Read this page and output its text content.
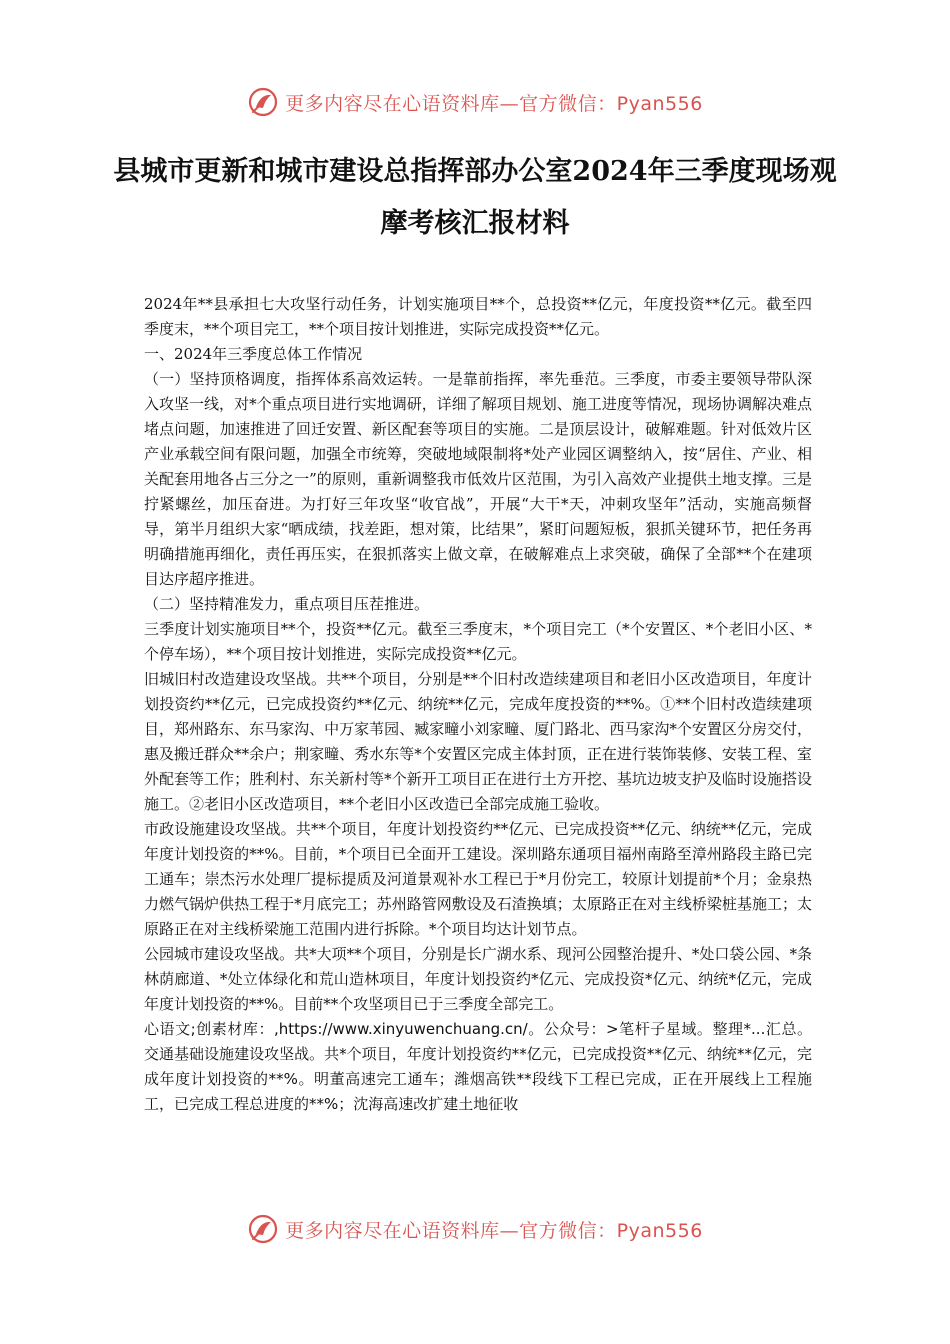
更多内容尽在心语资料库—官方微信：Pyan556
县城市更新和城市建设总指挥部办公室2024年三季度现场观摩考核汇报材料

2024年**县承担七大攻坚行动任务，计划实施项目**个，总投资**亿元，年度投资**亿元。截至四季度末，**个项目完工，**个项目按计划推进，实际完成投资**亿元。

一、2024年三季度总体工作情况

（一）坚持顶格调度，指挥体系高效运转。一是靠前指挥，率先垂范。三季度，市委主要领导带队深入攻坚一线，对*个重点项目进行实地调研，详细了解项目规划、施工进度等情况，现场协调解决难点堵点问题，加速推进了回迁安置、新区配套等项目的实施。二是顶层设计，破解难题。针对低效片区产业承载空间有限问题，加强全市统筹，突破地域限制将*处产业园区调整纳入，按“居住、产业、相关配套用地各占三分之一”的原则，重新调整我市低效片区范围，为引入高效产业提供土地支撑。三是拧紧螺丝，加压奋进。为打好三年攻坚“收官战”，开展“大干*天，冲刺攻坚年”活动，实施高频督导，第半月组织大家“晒成绩，找差距，想对策，比结果”，紧盯问题短板，狠抓关键环节，把任务再明确措施再细化，责任再压实，在狠抓落实上做文章，在破解难点上求突破，确保了全部**个在建项目达序超序推进。

（二）坚持精准发力，重点项目压茬推进。

三季度计划实施项目**个，投资**亿元。截至三季度末，*个项目完工（*个安置区、*个老旧小区、*个停车场），**个项目按计划推进，实际完成投资**亿元。

旧城旧村改造建设攻坚战。共**个项目，分别是**个旧村改造续建项目和老旧小区改造项目，年度计划投资约**亿元，已完成投资约**亿元、纳统**亿元，完成年度投资的**%。①**个旧村改造续建项目，郑州路东、东马家沟、中万家苇园、臧家疃小刘家疃、厦门路北、西马家沟*个安置区分房交付，惠及搬迁群众**余户；荆家疃、秀水东等*个安置区完成主体封顶，正在进行装饰装修、安装工程、室外配套等工作；胜利村、东关新村等*个新开工项目正在进行土方开挖、基坑边坡支护及临时设施搭设施工。②老旧小区改造项目，**个老旧小区改造已全部完成施工验收。

市政设施建设攻坚战。共**个项目，年度计划投资约**亿元、已完成投资**亿元、纳统**亿元，完成年度计划投资的**%。目前，*个项目已全面开工建设。深圳路东通项目福州南路至漳州路段主路已完工通车；崇杰污水处理厂提标提质及河道景观补水工程已于*月份完工，较原计划提前*个月；金泉热力燃气锅炉供热工程于*月底完工；苏州路管网敷设及石渣换填；太原路正在对主线桥梁桩基施工；太原路正在对主线桥梁施工范围内进行拆除。*个项目均达计划节点。

公园城市建设攻坚战。共*大项**个项目，分别是长广湖水系、现河公园整治提升、*处口袋公园、*条林荫廊道、*处立体绿化和荒山造林项目，年度计划投资约*亿元、完成投资*亿元、纳统*亿元，完成年度计划投资的**%。目前**个攻坚项目已于三季度全部完工。

心语文;创素材库：,https://www.xinyuwenchuang.cn/。公众号：>笔杆子星域。整理*...汇总。交通基础设施建设攻坚战。共*个项目，年度计划投资约**亿元，已完成投资**亿元、纳统**亿元，完成年度计划投资的**%。明董高速完工通车；潍烟高铁**段线下工程已完成，正在开展线上工程施工，已完成工程总进度的**%；沈海高速改扩建土地征收

更多内容尽在心语资料库—官方微信：Pyan556
